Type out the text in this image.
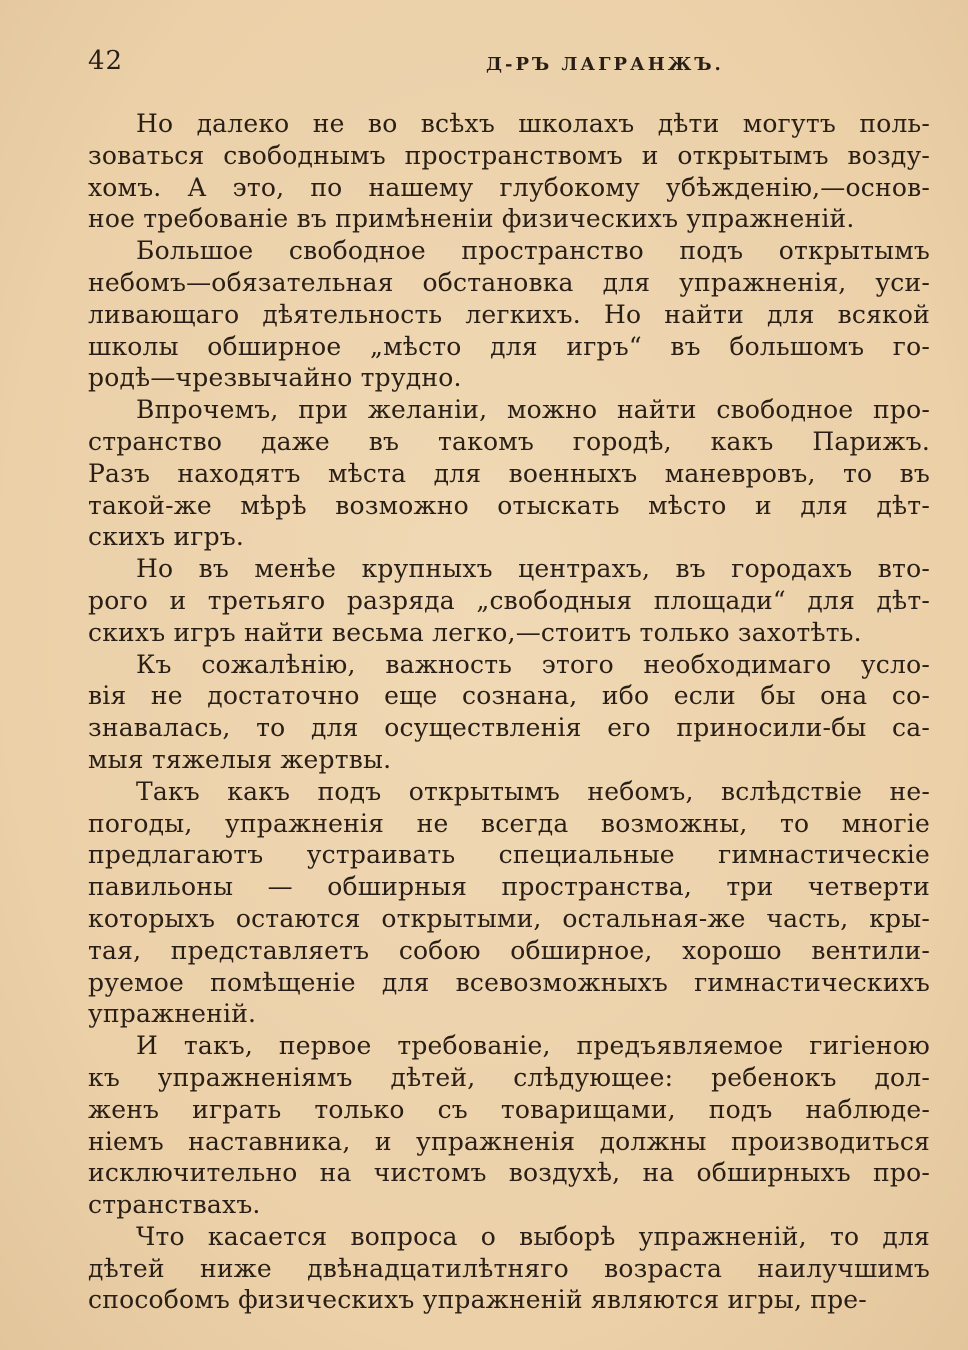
42	Д-РЪ ЛАГРАНЖЪ.
Но далеко не во всѣхъ школахъ дѣти могутъ поль-
зоваться свободнымъ пространствомъ и открытымъ возду-
хомъ. А это, по нашему глубокому убѣжденію,—основ-
ное требованіе въ примѣненіи физическихъ упражненій.
Большое свободное пространство подъ открытымъ
небомъ—обязательная обстановка для упражненія, уси-
ливающаго дѣятельность легкихъ. Но найти для всякой
школы обширное „мѣсто для игръ“ въ большомъ го-
родѣ—чрезвычайно трудно.
Впрочемъ, при желаніи, можно найти свободное про-
странство даже въ такомъ городѣ, какъ Парижъ.
Разъ находятъ мѣста для военныхъ маневровъ, то въ
такой-же мѣрѣ возможно отыскать мѣсто и для дѣт-
скихъ игръ.
Но въ менѣе крупныхъ центрахъ, въ городахъ вто-
рого и третьяго разряда „свободныя площади“ для дѣт-
скихъ игръ найти весьма легко,—стоитъ только захотѣть.
Къ сожалѣнію, важность этого необходимаго усло-
вія не достаточно еще сознана, ибо если бы она со-
знавалась, то для осуществленія его приносили-бы са-
мыя тяжелыя жертвы.
Такъ какъ подъ открытымъ небомъ, вслѣдствіе не-
погоды, упражненія не всегда возможны, то многіе
предлагаютъ устраивать специальные гимнастическіе
павильоны — обширныя пространства, три четверти
которыхъ остаются открытыми, остальная-же часть, кры-
тая, представляетъ собою обширное, хорошо вентили-
руемое помѣщеніе для всевозможныхъ гимнастическихъ
упражненій.
И такъ, первое требованіе, предъявляемое гигіеною
къ упражненіямъ дѣтей, слѣдующее: ребенокъ дол-
женъ играть только съ товарищами, подъ наблюде-
ніемъ наставника, и упражненія должны производиться
исключительно на чистомъ воздухѣ, на обширныхъ про-
странствахъ.
Что касается вопроса о выборѣ упражненій, то для
дѣтей ниже двѣнадцатилѣтняго возраста наилучшимъ
способомъ физическихъ упражненій являются игры, пре-
